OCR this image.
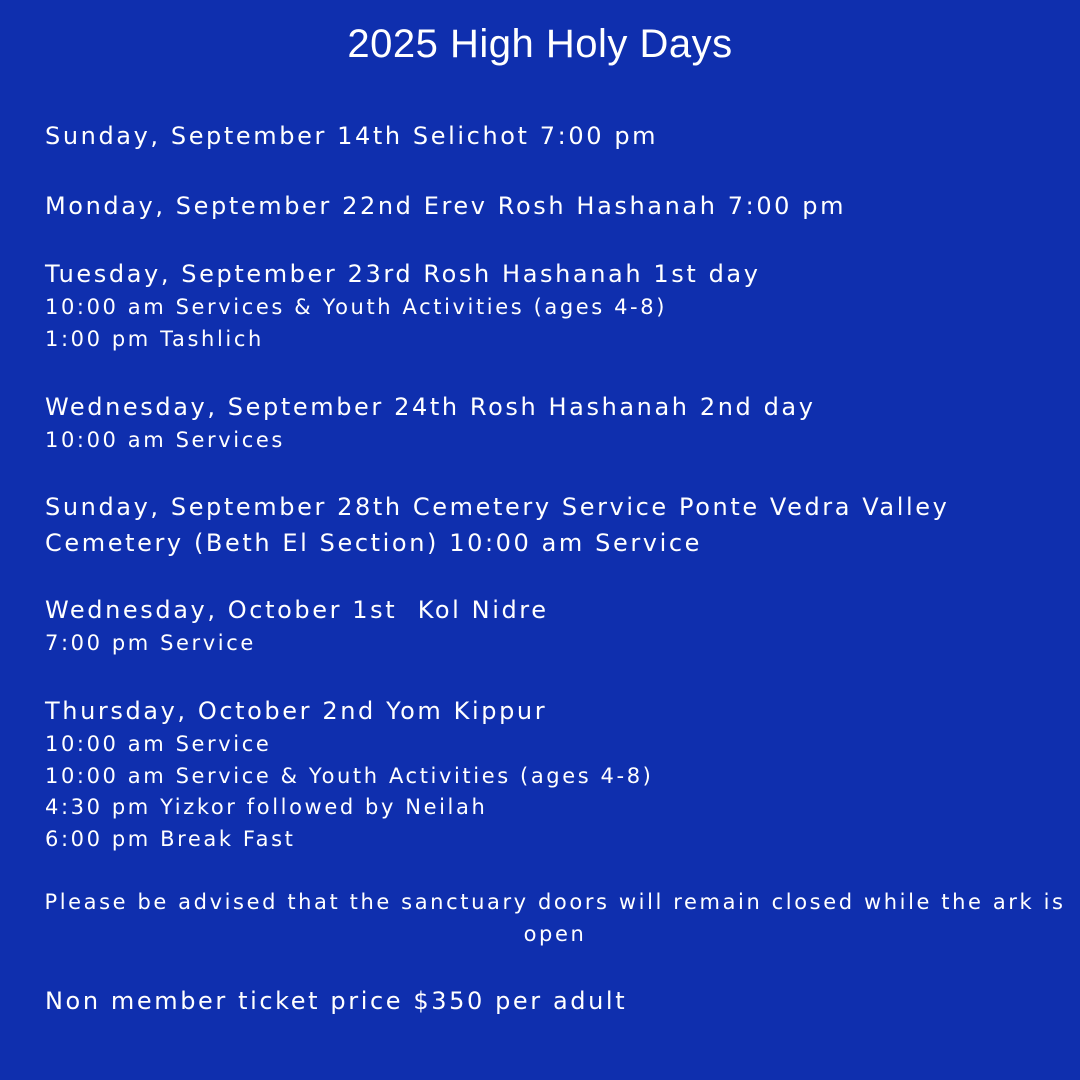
2025 High Holy Days
Sunday, September 14th Selichot 7:00 pm
Monday, September 22nd Erev Rosh Hashanah 7:00 pm
Tuesday, September 23rd Rosh Hashanah 1st day
10:00 am Services & Youth Activities (ages 4-8)
1:00 pm Tashlich
Wednesday, September 24th Rosh Hashanah 2nd day
10:00 am Services
Sunday, September 28th Cemetery Service Ponte Vedra Valley Cemetery (Beth El Section) 10:00 am Service
Wednesday, October 1st  Kol Nidre
7:00 pm Service
Thursday, October 2nd Yom Kippur
10:00 am Service
10:00 am Service & Youth Activities (ages 4-8)
4:30 pm Yizkor followed by Neilah
6:00 pm Break Fast
Please be advised that the sanctuary doors will remain closed while the ark is open
Non member ticket price $350 per adult
